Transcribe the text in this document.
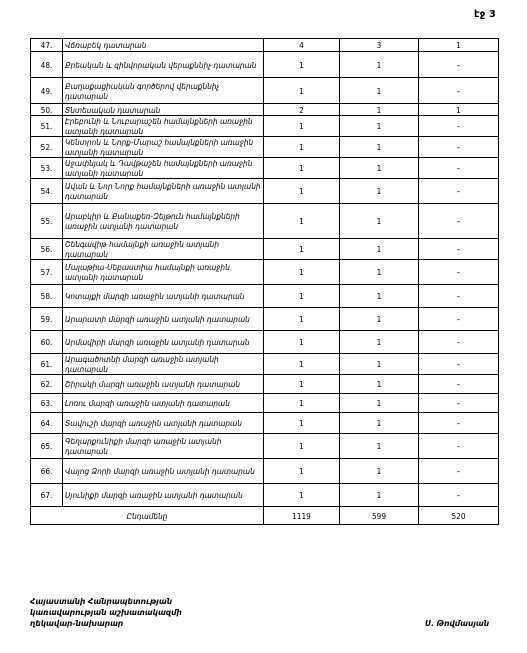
էջ 3
47.	Վճռաբեկ դատարան	4	3	1
48.	Քրեական և զինվորական վերաքննիչ դատարան	1	1	–
49.	Քաղաքացիական գործերով վերաքննիչ դատարան	1	1	–
50.	Տնտեսական դատարան	2	1	1
51.	Էրեբունի և Նուբարաշեն համայնքների առաջին ատյանի դատարան	1	1	–
52.	Կենտրոն և Նորք-Մարաշ համայնքների առաջին ատյանի դատարան	1	1	–
53.	Աջափնյակ և Դավթաշեն համայնքների առաջին ատյանի դատարան	1	1	–
54.	Ավան և Նոր Նորք համայնքների առաջին ատյանի դատարան	1	1	–
55.	Արաբկիր և Քանաքեռ-Զեյթուն համայնքների առաջին ատյանի դատարան	1	1	–
56.	Շենգավիթ համայնքի առաջին ատյանի դատարան	1	1	–
57.	Մալաթիա-Սեբաստիա համայնքի առաջին ատյանի դատարան	1	1	–
58.	Կոտայքի մարզի առաջին ատյանի դատարան	1	1	–
59.	Արարատի մարզի առաջին ատյանի դատարան	1	1	–
60.	Արմավիրի մարզի առաջին ատյանի դատարան	1	1	–
61.	Արագածոտնի մարզի առաջին ատյանի դատարան	1	1	–
62.	Շիրակի մարզի առաջին ատյանի դատարան	1	1	–
63.	Լոռու մարզի առաջին ատյանի դատարան	1	1	–
64.	Տավուշի մարզի առաջին ատյանի դատարան	1	1	–
65.	Գեղարքունիքի մարզի առաջին ատյանի դատարան	1	1	–
66.	Վայոց Ձորի մարզի առաջին ատյանի դատարան	1	1	–
67.	Սյունիքի մարզի առաջին ատյանի դատարան	1	1	–
Ընդամենը		1119	599	520
Հայաստանի Հանրապետության
կառավարության աշխատակազմի
ղեկավար-նախարար	Ս. Թովմասյան
